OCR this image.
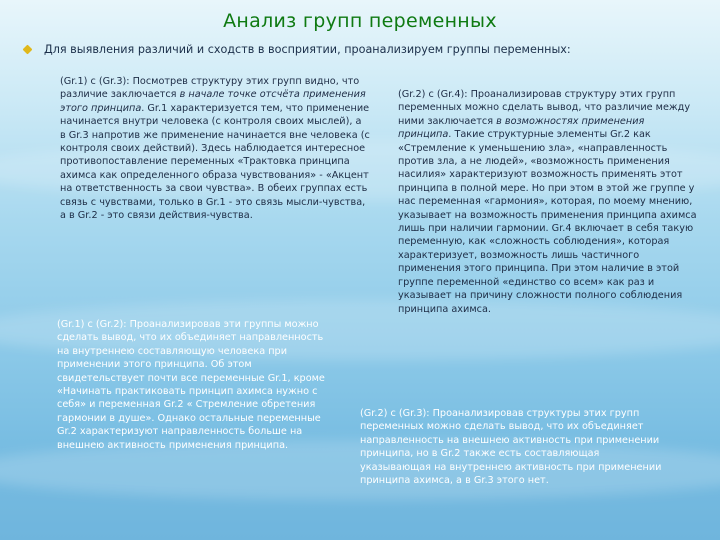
Анализ групп переменных
Для выявления различий и сходств в восприятии, проанализируем группы переменных:

(Gr.1) с (Gr.3): Посмотрев структуру этих групп видно, что различие заключается в начале точке отсчёта применения этого принципа. Gr.1 характеризуется тем, что применение начинается внутри человека (с контроля своих мыслей), а в Gr.3 напротив же применение начинается вне человека (с контроля своих действий). Здесь наблюдается интересное противопоставление переменных «Трактовка принципа ахимса как определенного образа чувствования» - «Акцент на ответственность за свои чувства». В обеих группах есть связь с чувствами, только в Gr.1 - это связь мысли-чувства, а в Gr.2 - это связи действия-чувства.

(Gr.1) с (Gr.2): Проанализировав эти группы можно сделать вывод, что их объединяет направленность на внутреннею составляющую человека при применении этого принципа. Об этом свидетельствует почти все переменные Gr.1, кроме «Начинать практиковать принцип ахимса нужно с себя» и переменная Gr.2 « Стремление обретения гармонии в душе». Однако остальные переменные Gr.2 характеризуют направленность больше на внешнею активность применения принципа.

(Gr.2) с (Gr.4): Проанализировав структуру этих групп переменных можно сделать вывод, что различие между ними заключается в возможностях применения принципа. Такие структурные элементы Gr.2 как «Стремление к уменьшению зла», «направленность против зла, а не людей», «возможность применения насилия» характеризуют возможность применять этот принципа в полной мере. Но при этом в этой же группе у нас переменная «гармония», которая, по моему мнению, указывает на возможность применения принципа ахимса лишь при наличии гармонии. Gr.4 включает в себя такую переменную, как «сложность соблюдения», которая характеризует, возможность лишь частичного применения этого принципа. При этом наличие в этой группе переменной «единство со всем» как раз и указывает на причину сложности полного соблюдения принципа ахимса.

(Gr.2) с (Gr.3): Проанализировав структуры этих групп переменных можно сделать вывод, что их объединяет направленность на внешнею активность при применении принципа, но в Gr.2 также есть составляющая указывающая на внутреннею активность при применении принципа ахимса, а в Gr.3 этого нет.
